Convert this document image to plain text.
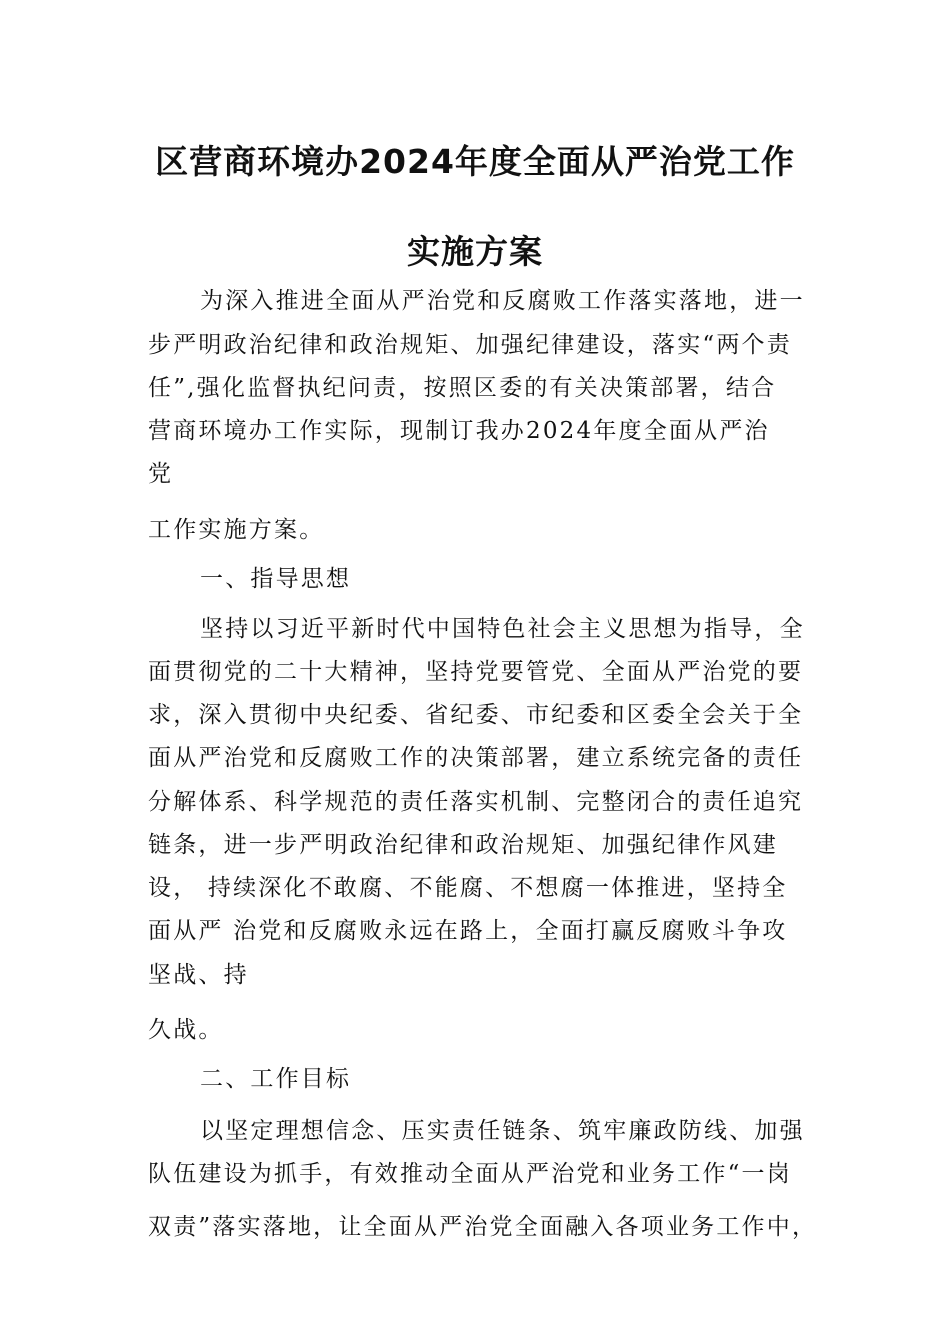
区营商环境办2024年度全面从严治党工作
实施方案
为深入推进全面从严治党和反腐败工作落实落地，进一
步严明政治纪律和政治规矩、加强纪律建设，落实“两个责
任”,强化监督执纪问责，按照区委的有关决策部署，结合
营商环境办工作实际，现制订我办2024年度全面从严治
党
工作实施方案。
一、指导思想
坚持以习近平新时代中国特色社会主义思想为指导，全
面贯彻党的二十大精神，坚持党要管党、全面从严治党的要
求，深入贯彻中央纪委、省纪委、市纪委和区委全会关于全
面从严治党和反腐败工作的决策部署，建立系统完备的责任
分解体系、科学规范的责任落实机制、完整闭合的责任追究
链条，进一步严明政治纪律和政治规矩、加强纪律作风建
设， 持续深化不敢腐、不能腐、不想腐一体推进，坚持全
面从严 治党和反腐败永远在路上，全面打赢反腐败斗争攻
坚战、持
久战。
二、工作目标
以坚定理想信念、压实责任链条、筑牢廉政防线、加强
队伍建设为抓手，有效推动全面从严治党和业务工作“一岗
双责”落实落地，让全面从严治党全面融入各项业务工作中，
